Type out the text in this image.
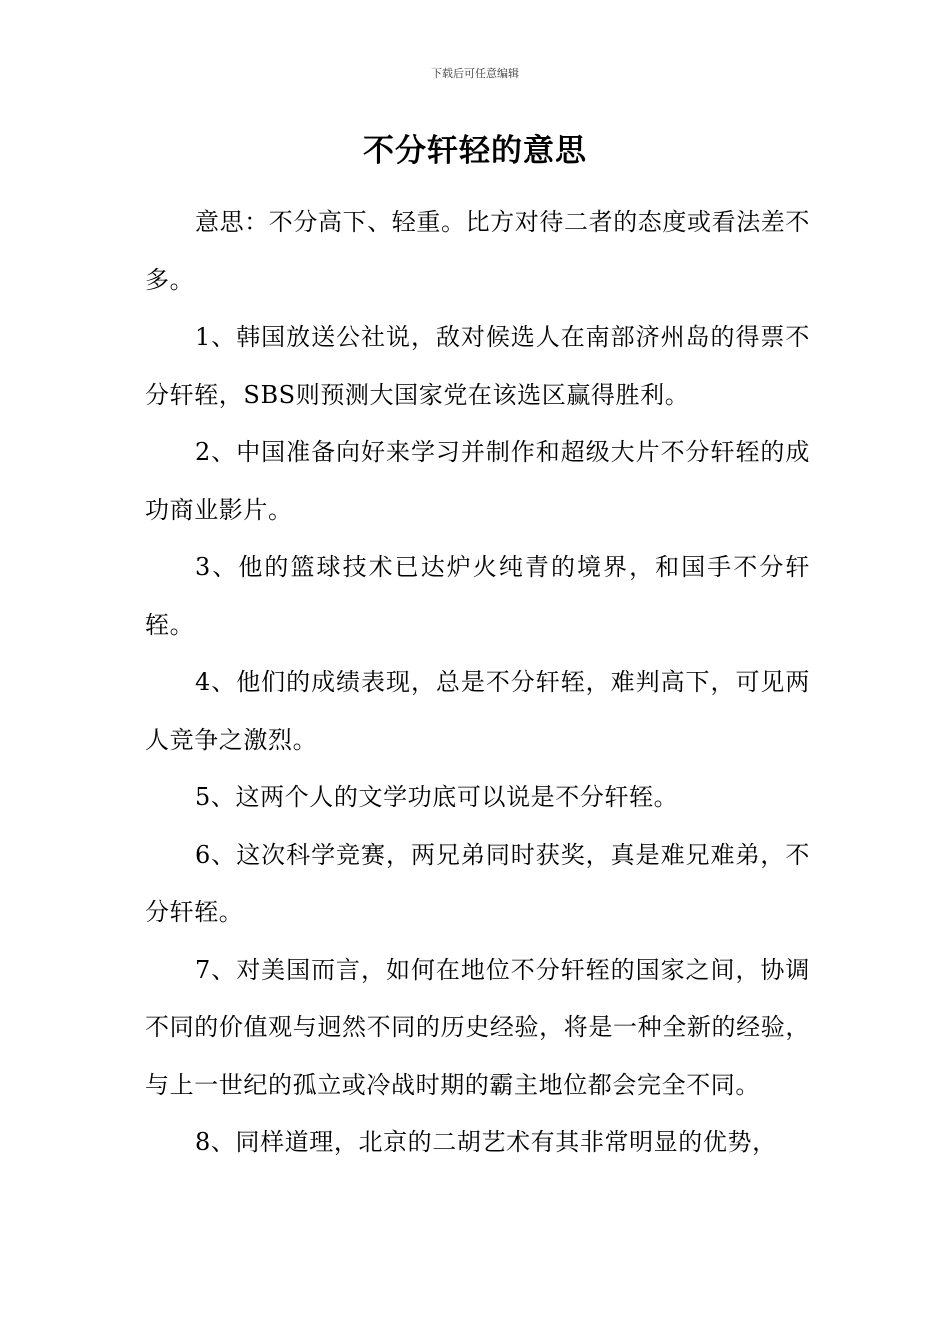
下载后可任意编辑
不分轩轻的意思

意思：不分高下、轻重。比方对待二者的态度或看法差不多。

1、韩国放送公社说，敌对候选人在南部济州岛的得票不分轩轾，SBS则预测大国家党在该选区赢得胜利。

2、中国准备向好来学习并制作和超级大片不分轩轾的成功商业影片。

3、他的篮球技术已达炉火纯青的境界，和国手不分轩轾。

4、他们的成绩表现，总是不分轩轾，难判高下，可见两人竞争之激烈。

5、这两个人的文学功底可以说是不分轩轾。

6、这次科学竞赛，两兄弟同时获奖，真是难兄难弟，不分轩轾。

7、对美国而言，如何在地位不分轩轾的国家之间，协调不同的价值观与迥然不同的历史经验，将是一种全新的经验，与上一世纪的孤立或冷战时期的霸主地位都会完全不同。

8、同样道理，北京的二胡艺术有其非常明显的优势，
